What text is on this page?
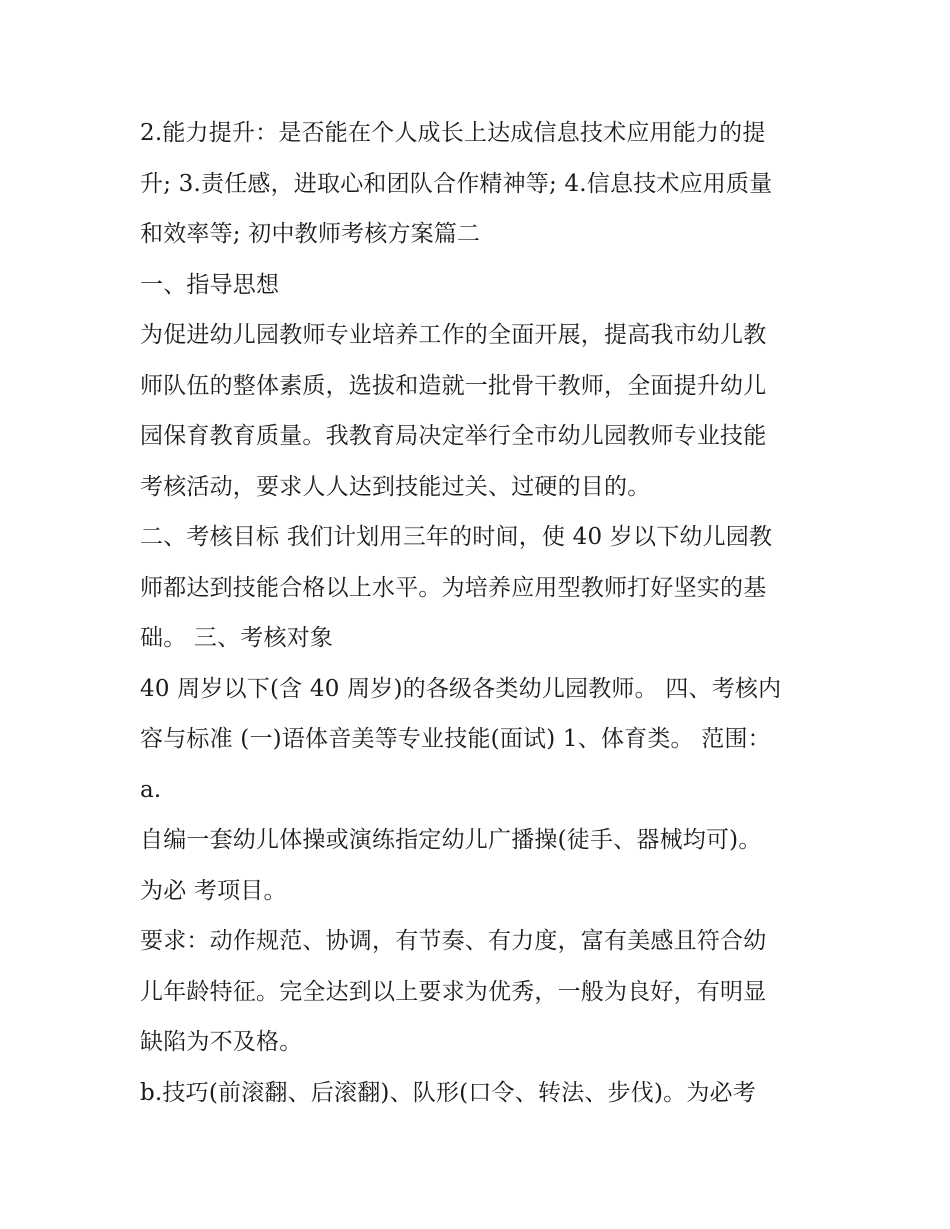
2.能力提升：是否能在个人成长上达成信息技术应用能力的提
升; 3.责任感，进取心和团队合作精神等; 4.信息技术应用质量
和效率等; 初中教师考核方案篇二
一、指导思想
为促进幼儿园教师专业培养工作的全面开展，提高我市幼儿教
师队伍的整体素质，选拔和造就一批骨干教师，全面提升幼儿
园保育教育质量。我教育局决定举行全市幼儿园教师专业技能
考核活动，要求人人达到技能过关、过硬的目的。
二、考核目标 我们计划用三年的时间，使 40 岁以下幼儿园教
师都达到技能合格以上水平。为培养应用型教师打好坚实的基
础。 三、考核对象
40 周岁以下(含 40 周岁)的各级各类幼儿园教师。 四、考核内
容与标准 (一)语体音美等专业技能(面试) 1、体育类。 范围：
a.
自编一套幼儿体操或演练指定幼儿广播操(徒手、器械均可)。
为必 考项目。
要求：动作规范、协调，有节奏、有力度，富有美感且符合幼
儿年龄特征。完全达到以上要求为优秀，一般为良好，有明显
缺陷为不及格。
b.技巧(前滚翻、后滚翻)、队形(口令、转法、步伐)。为必考
